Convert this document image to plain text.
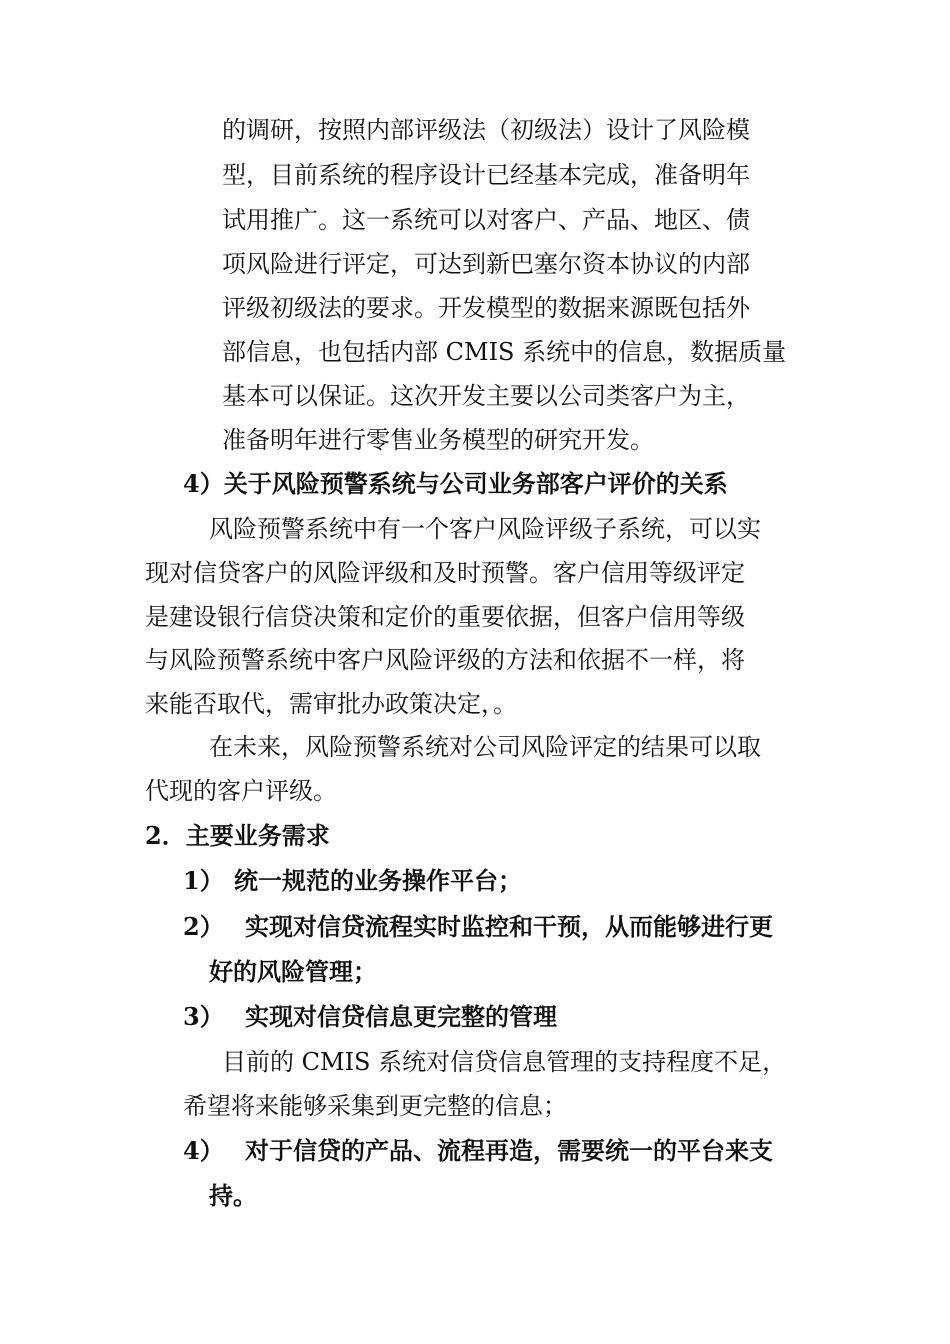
的调研，按照内部评级法（初级法）设计了风险模
型，目前系统的程序设计已经基本完成，准备明年
试用推广。这一系统可以对客户、产品、地区、债
项风险进行评定，可达到新巴塞尔资本协议的内部
评级初级法的要求。开发模型的数据来源既包括外
部信息，也包括内部 CMIS 系统中的信息，数据质量
基本可以保证。这次开发主要以公司类客户为主，
准备明年进行零售业务模型的研究开发。
4）关于风险预警系统与公司业务部客户评价的关系
风险预警系统中有一个客户风险评级子系统，可以实
现对信贷客户的风险评级和及时预警。客户信用等级评定
是建设银行信贷决策和定价的重要依据，但客户信用等级
与风险预警系统中客户风险评级的方法和依据不一样，将
来能否取代，需审批办政策决定，。
在未来，风险预警系统对公司风险评定的结果可以取
代现的客户评级。
2．主要业务需求
1） 统一规范的业务操作平台；
2） 实现对信贷流程实时监控和干预，从而能够进行更
好的风险管理；
3） 实现对信贷信息更完整的管理
目前的 CMIS 系统对信贷信息管理的支持程度不足，
希望将来能够采集到更完整的信息；
4） 对于信贷的产品、流程再造，需要统一的平台来支
持。
